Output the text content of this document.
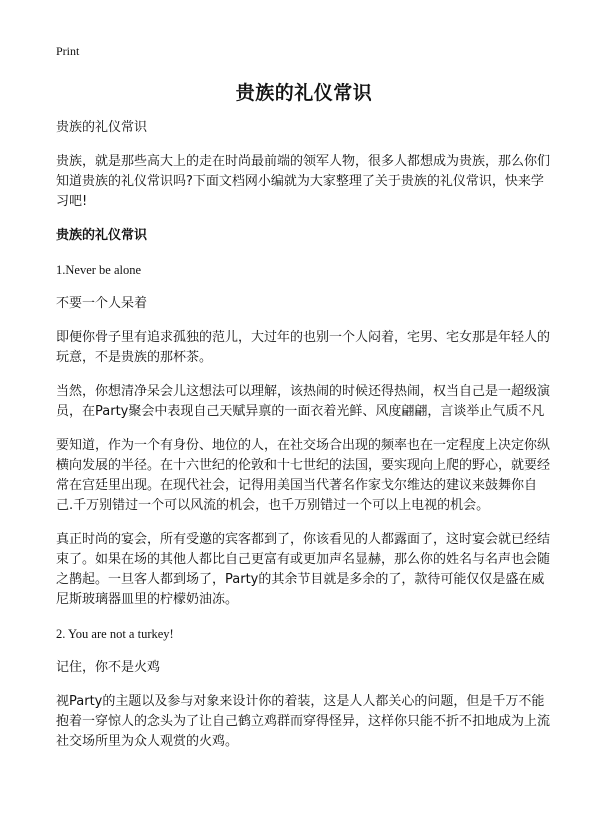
Print
贵族的礼仪常识

贵族的礼仪常识

贵族，就是那些高大上的走在时尚最前端的领军人物，很多人都想成为贵族，那么你们知道贵族的礼仪常识吗?下面文档网小编就为大家整理了关于贵族的礼仪常识，快来学习吧!

贵族的礼仪常识

1.Never be alone

不要一个人呆着

即便你骨子里有追求孤独的范儿，大过年的也别一个人闷着，宅男、宅女那是年轻人的玩意，不是贵族的那杯茶。

当然，你想清净呆会儿这想法可以理解，该热闹的时候还得热闹，权当自己是一超级演员，在Party聚会中表现自己天赋异禀的一面衣着光鲜、风度翩翩，言谈举止气质不凡

要知道，作为一个有身份、地位的人，在社交场合出现的频率也在一定程度上决定你纵横向发展的半径。在十六世纪的伦敦和十七世纪的法国，要实现向上爬的野心，就要经常在宫廷里出现。在现代社会，记得用美国当代著名作家戈尔维达的建议来鼓舞你自己.千万别错过一个可以风流的机会，也千万别错过一个可以上电视的机会。

真正时尚的宴会，所有受邀的宾客都到了，你该看见的人都露面了，这时宴会就已经结束了。如果在场的其他人都比自己更富有或更加声名显赫，那么你的姓名与名声也会随之鹊起。一旦客人都到场了，Party的其余节目就是多余的了，款待可能仅仅是盛在威尼斯玻璃器皿里的柠檬奶油冻。

2. You are not a turkey!

记住，你不是火鸡

视Party的主题以及参与对象来设计你的着装，这是人人都关心的问题，但是千万不能抱着一穿惊人的念头为了让自己鹤立鸡群而穿得怪异，这样你只能不折不扣地成为上流社交场所里为众人观赏的火鸡。
